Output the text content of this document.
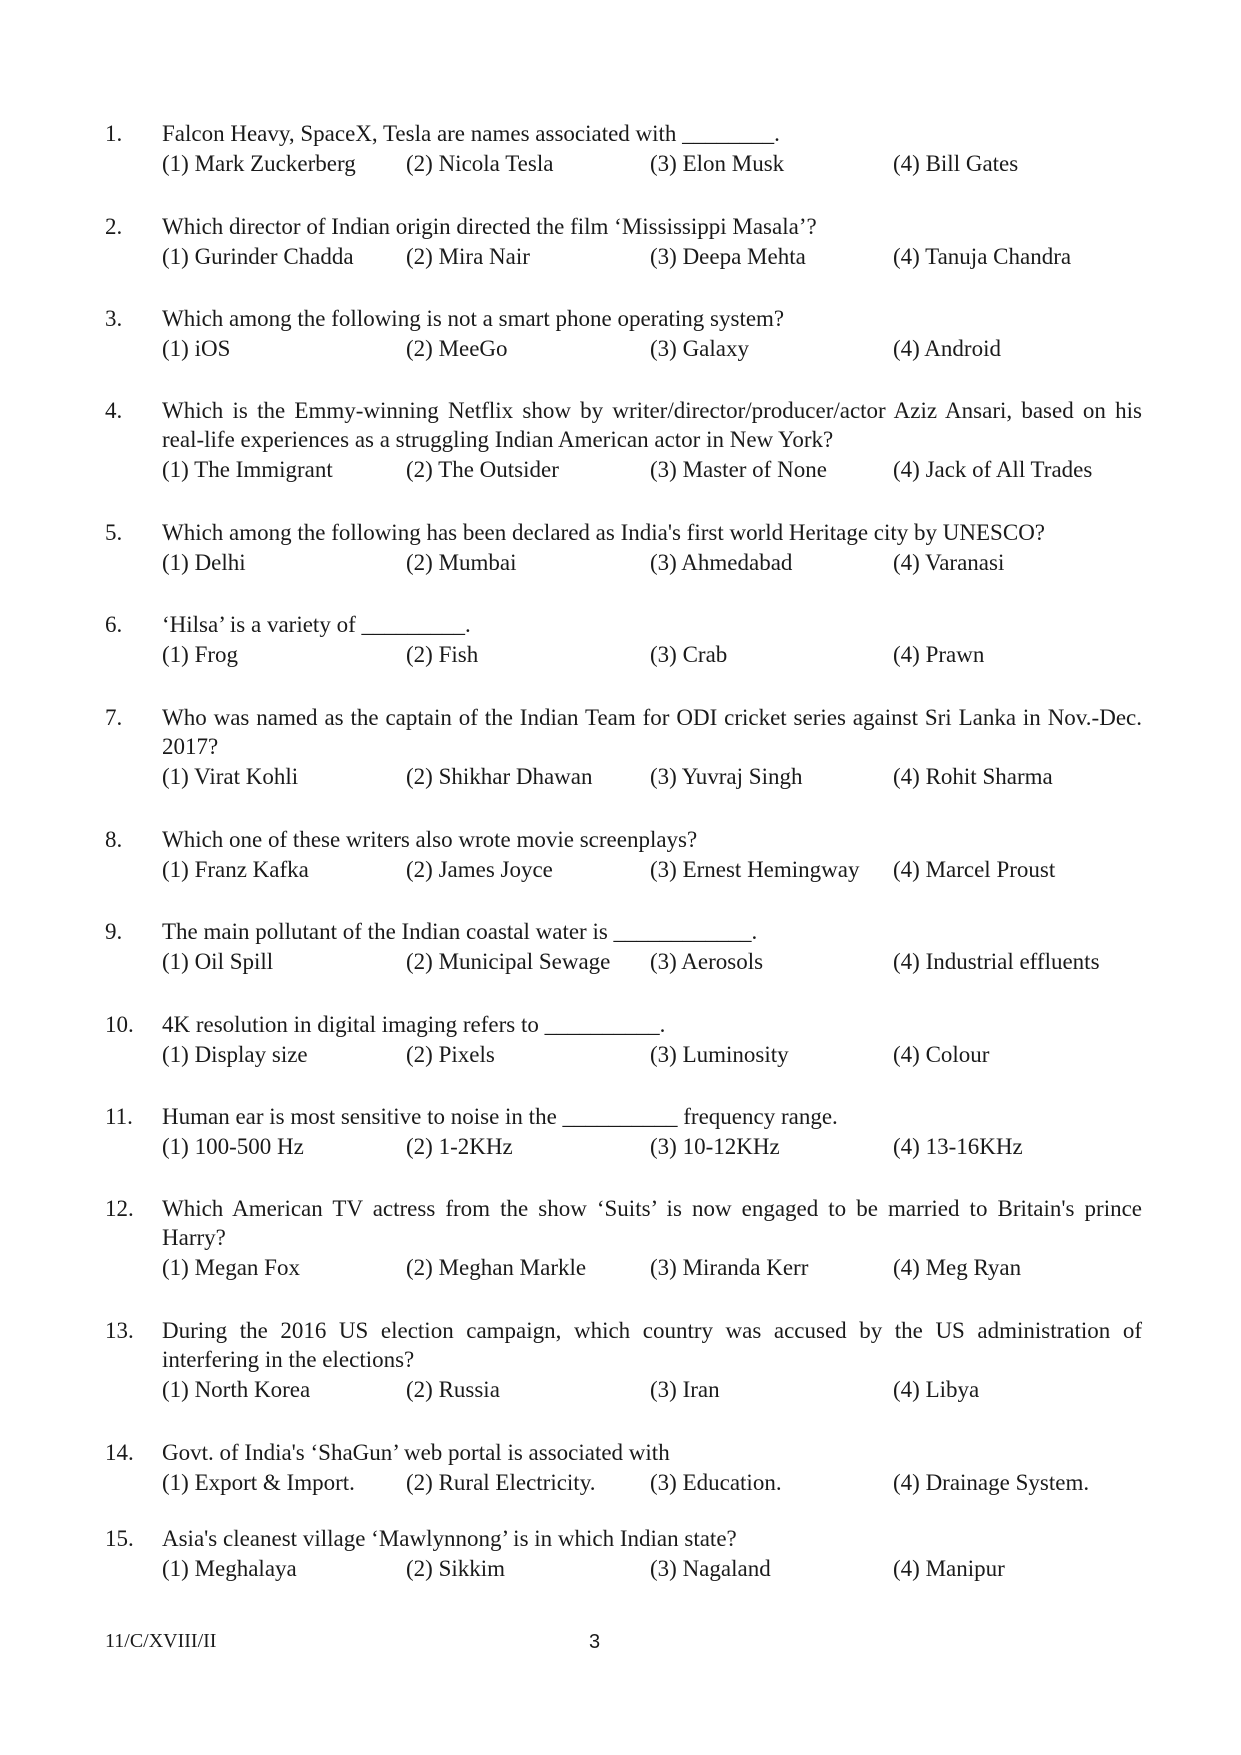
1.	Falcon Heavy, SpaceX, Tesla are names associated with ________.
(1) Mark Zuckerberg (2) Nicola Tesla	(3) Elon Musk	(4) Bill Gates
2.	Which director of Indian origin directed the film ‘Mississippi Masala’?
(1) Gurinder Chadda (2) Mira Nair	(3) Deepa Mehta	(4) Tanuja Chandra
3.	Which among the following is not a smart phone operating system?
(1) iOS	(2) MeeGo	(3) Galaxy	(4) Android
4.	Which is the Emmy-winning Netflix show by writer/director/producer/actor Aziz Ansari, based on his real-life experiences as a struggling Indian American actor in New York?
(1) The Immigrant	(2) The Outsider	(3) Master of None	(4) Jack of All Trades
5.	Which among the following has been declared as India's first world Heritage city by UNESCO?
(1) Delhi	(2) Mumbai	(3) Ahmedabad	(4) Varanasi
6.	‘Hilsa’ is a variety of _________.
(1) Frog	(2) Fish	(3) Crab	(4) Prawn
7.	Who was named as the captain of the Indian Team for ODI cricket series against Sri Lanka in Nov.-Dec. 2017?
(1) Virat Kohli	(2) Shikhar Dhawan (3) Yuvraj Singh	(4) Rohit Sharma
8.	Which one of these writers also wrote movie screenplays?
(1) Franz Kafka	(2) James Joyce	(3) Ernest Hemingway (4) Marcel Proust
9.	The main pollutant of the Indian coastal water is ____________.
(1) Oil Spill	(2) Municipal Sewage (3) Aerosols	(4) Industrial effluents
10.	4K resolution in digital imaging refers to __________.
(1) Display size	(2) Pixels	(3) Luminosity	(4) Colour
11.	Human ear is most sensitive to noise in the __________ frequency range.
(1) 100-500 Hz	(2) 1-2KHz	(3) 10-12KHz	(4) 13-16KHz
12.	Which American TV actress from the show ‘Suits’ is now engaged to be married to Britain's prince Harry?
(1) Megan Fox	(2) Meghan Markle	(3) Miranda Kerr	(4) Meg Ryan
13.	During the 2016 US election campaign, which country was accused by the US administration of interfering in the elections?
(1) North Korea	(2) Russia	(3) Iran	(4) Libya
14.	Govt. of India's ‘ShaGun’ web portal is associated with
(1) Export & Import. (2) Rural Electricity. (3) Education.	(4) Drainage System.
15.	Asia's cleanest village ‘Mawlynnong’ is in which Indian state?
(1) Meghalaya	(2) Sikkim	(3) Nagaland	(4) Manipur
11/C/XVIII/II	3
